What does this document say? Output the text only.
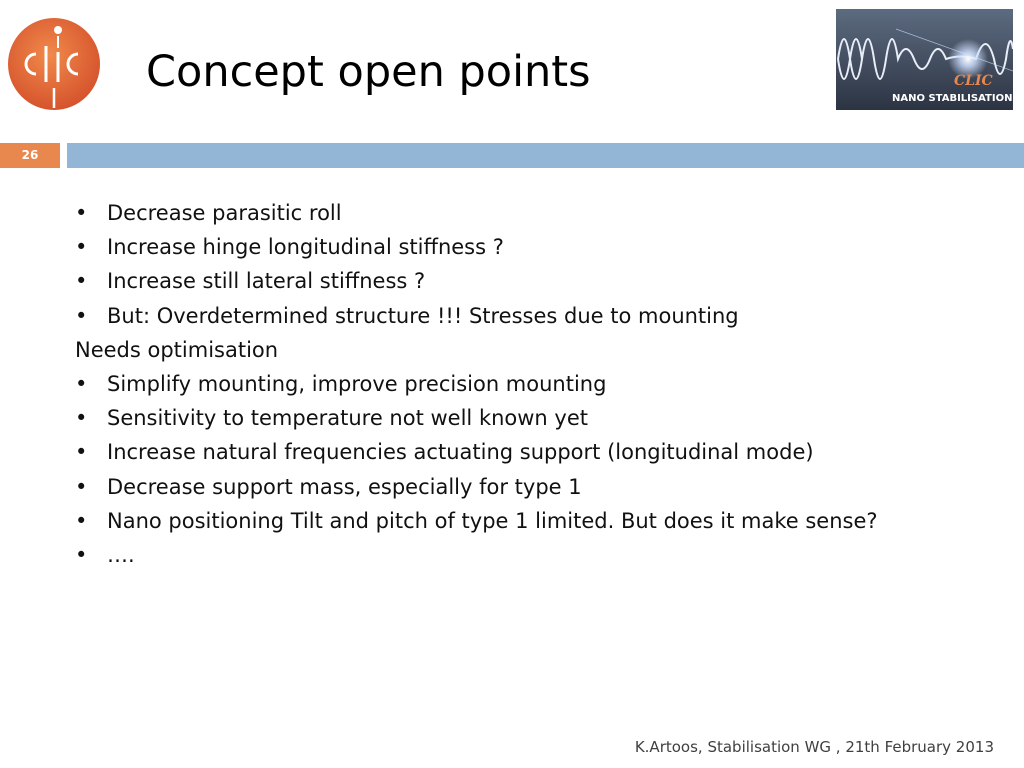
Concept open points	CLIC
NANO STABILISATION
26
• Decrease parasitic roll
• Increase hinge longitudinal stiffness ?
• Increase still lateral stiffness ?
• But: Overdetermined structure !!! Stresses due to mounting
Needs optimisation
• Simplify mounting, improve precision mounting
• Sensitivity to temperature not well known yet
• Increase natural frequencies actuating support (longitudinal mode)
• Decrease support mass, especially for type 1
• Nano positioning Tilt and pitch of type 1 limited. But does it make sense?
• ….
K.Artoos, Stabilisation WG , 21th February 2013
